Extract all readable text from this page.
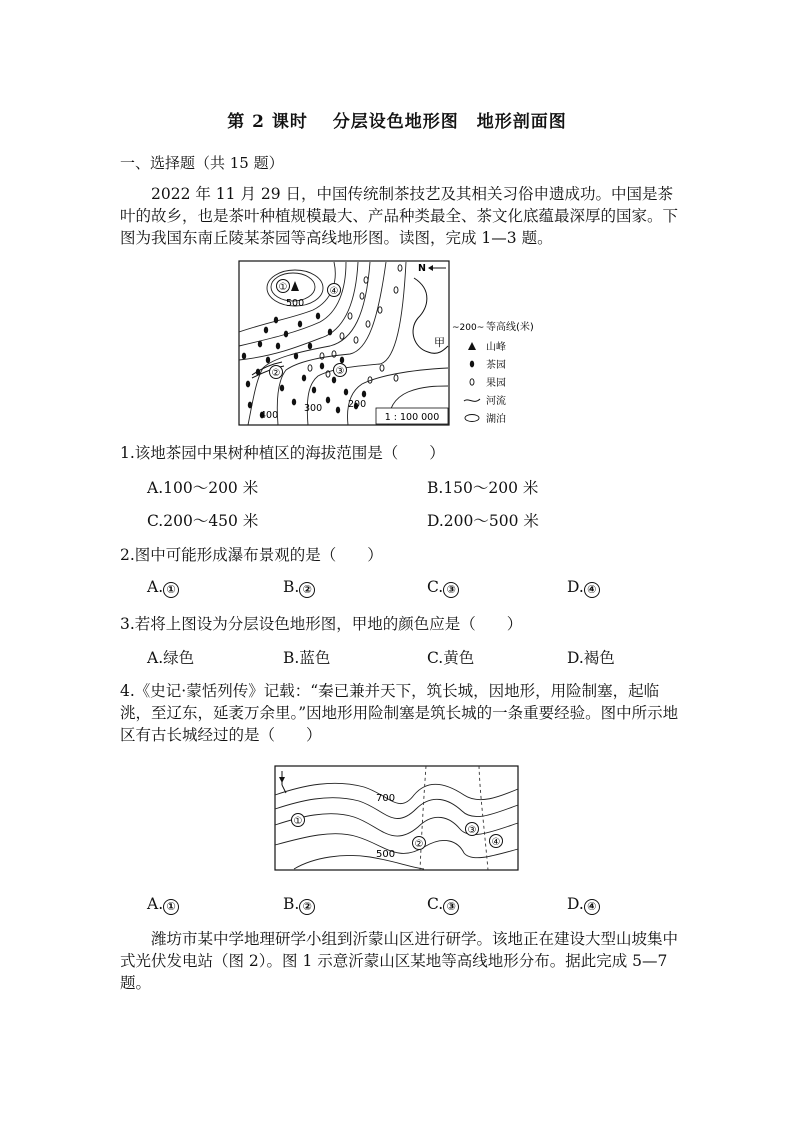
第 2 课时　 分层设色地形图　地形剖面图
一、选择题（共 15 题）
2022 年 11 月 29 日，中国传统制茶技艺及其相关习俗申遗成功。中国是茶叶的故乡，也是茶叶种植规模最大、产品种类最全、茶文化底蕴最深厚的国家。下图为我国东南丘陵某茶园等高线地形图。读图，完成 1—3 题。
①
②	③
④
500
400
300	200
甲
N
1 : 100 000
~200~ 等高线(米)
山峰
茶园
果园
河流
湖泊
1.该地茶园中果树种植区的海拔范围是（　　）
A.100～200 米	B.150～200 米
C.200～450 米	D.200～500 米
2.图中可能形成瀑布景观的是（　　）
A. ①	B. ②	C. ③	D. ④
3.若将上图设为分层设色地形图，甲地的颜色应是（　　）
A.绿色	B.蓝色	C.黄色	D.褐色
4.《史记·蒙恬列传》记载：“秦已兼并天下，筑长城，因地形，用险制塞，起临洮，至辽东，延袤万余里。”因地形用险制塞是筑长城的一条重要经验。图中所示地区有古长城经过的是（　　）
700
500
①
②
③
④
A. ①	B. ②	C. ③	D. ④
潍坊市某中学地理研学小组到沂蒙山区进行研学。该地正在建设大型山坡集中式光伏发电站（图 2）。图 1 示意沂蒙山区某地等高线地形分布。据此完成 5—7 题。
